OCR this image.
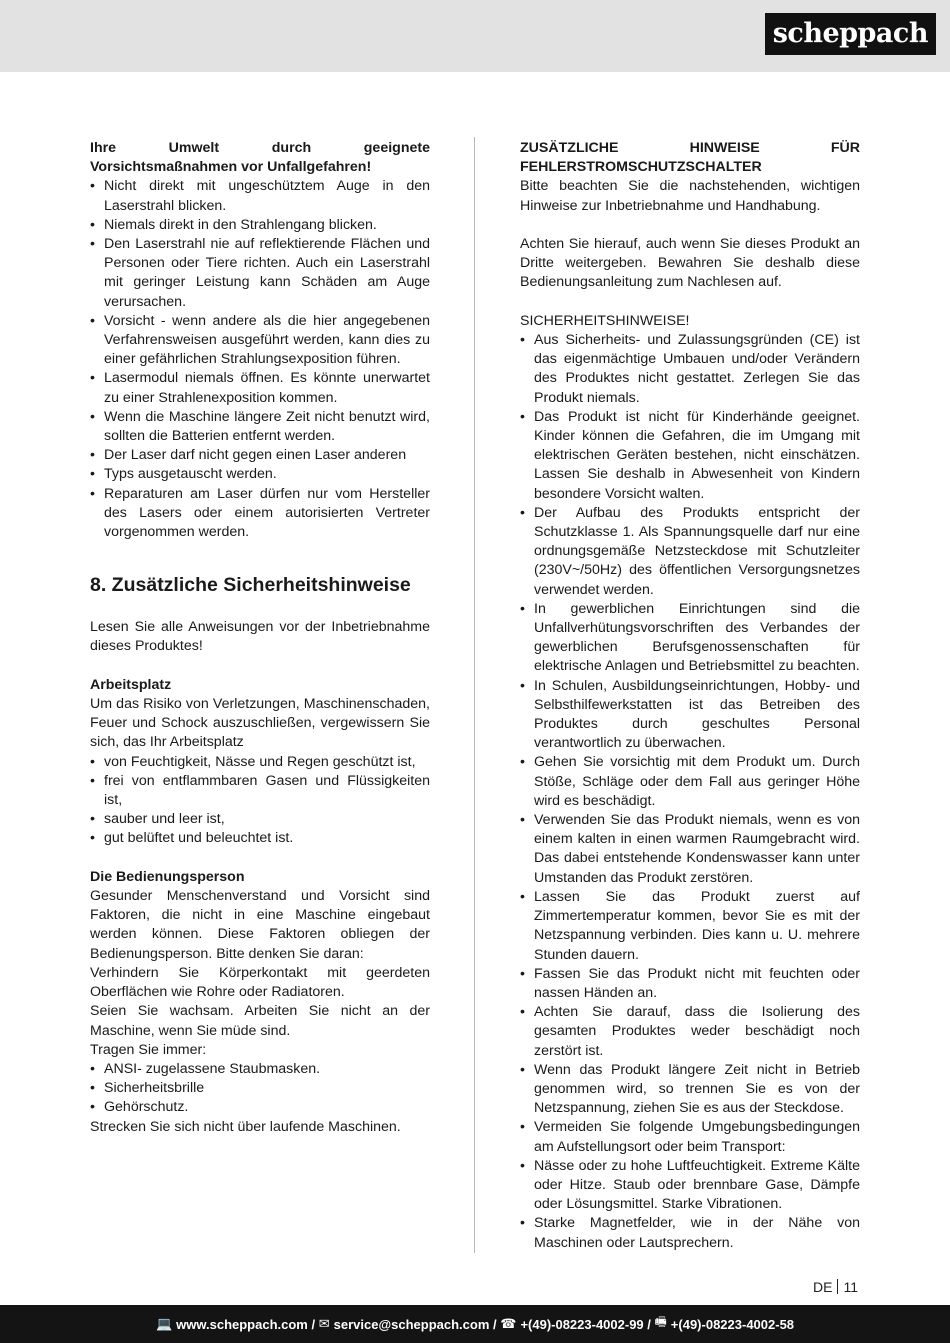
scheppach

Ihre Umwelt durch geeignete Vorsichtsmaßnahmen vor Unfallgefahren!

• Nicht direkt mit ungeschütztem Auge in den Laserstrahl blicken.
• Niemals direkt in den Strahlengang blicken.
• Den Laserstrahl nie auf reflektierende Flächen und Personen oder Tiere richten. Auch ein Laserstrahl mit geringer Leistung kann Schäden am Auge verursachen.
• Vorsicht - wenn andere als die hier angegebenen Verfahrensweisen ausgeführt werden, kann dies zu einer gefährlichen Strahlungsexposition führen.
• Lasermodul niemals öffnen. Es könnte unerwartet zu einer Strahlenexposition kommen.
• Wenn die Maschine längere Zeit nicht benutzt wird, sollten die Batterien entfernt werden.
• Der Laser darf nicht gegen einen Laser anderen
• Typs ausgetauscht werden.
• Reparaturen am Laser dürfen nur vom Hersteller des Lasers oder einem autorisierten Vertreter vorgenommen werden.
8. Zusätzliche Sicherheitshinweise

Lesen Sie alle Anweisungen vor der Inbetriebnahme dieses Produktes!

Arbeitsplatz

Um das Risiko von Verletzungen, Maschinenschaden, Feuer und Schock auszuschließen, vergewissern Sie sich, das Ihr Arbeitsplatz

• von Feuchtigkeit, Nässe und Regen geschützt ist,
• frei von entflammbaren Gasen und Flüssigkeiten ist,
• sauber und leer ist,
• gut belüftet und beleuchtet ist.

Die Bedienungsperson

Gesunder Menschenverstand und Vorsicht sind Faktoren, die nicht in eine Maschine eingebaut werden können. Diese Faktoren obliegen der Bedienungsperson. Bitte denken Sie daran:

Verhindern Sie Körperkontakt mit geerdeten Oberflächen wie Rohre oder Radiatoren.

Seien Sie wachsam. Arbeiten Sie nicht an der Maschine, wenn Sie müde sind.

Tragen Sie immer:

• ANSI- zugelassene Staubmasken.
• Sicherheitsbrille
• Gehörschutz.

Strecken Sie sich nicht über laufende Maschinen.

ZUSÄTZLICHE HINWEISE FÜR FEHLERSTROMSCHUTZSCHALTER

Bitte beachten Sie die nachstehenden, wichtigen Hinweise zur Inbetriebnahme und Handhabung.

Achten Sie hierauf, auch wenn Sie dieses Produkt an Dritte weitergeben. Bewahren Sie deshalb diese Bedienungsanleitung zum Nachlesen auf.

SICHERHEITSHINWEISE!

• Aus Sicherheits- und Zulassungsgründen (CE) ist das eigenmächtige Umbauen und/oder Verändern des Produktes nicht gestattet. Zerlegen Sie das Produkt niemals.
• Das Produkt ist nicht für Kinderhände geeignet. Kinder können die Gefahren, die im Umgang mit elektrischen Geräten bestehen, nicht einschätzen. Lassen Sie deshalb in Abwesenheit von Kindern besondere Vorsicht walten.
• Der Aufbau des Produkts entspricht der Schutzklasse 1. Als Spannungsquelle darf nur eine ordnungsgemäße Netzsteckdose mit Schutzleiter (230V~/50Hz) des öffentlichen Versorgungsnetzes verwendet werden.
• In gewerblichen Einrichtungen sind die Unfallverhütungsvorschriften des Verbandes der gewerblichen Berufsgenossenschaften für elektrische Anlagen und Betriebsmittel zu beachten.
• In Schulen, Ausbildungseinrichtungen, Hobby- und Selbsthilfewerkstatten ist das Betreiben des Produktes durch geschultes Personal verantwortlich zu überwachen.
• Gehen Sie vorsichtig mit dem Produkt um. Durch Stöße, Schläge oder dem Fall aus geringer Höhe wird es beschädigt.
• Verwenden Sie das Produkt niemals, wenn es von einem kalten in einen warmen Raumgebracht wird. Das dabei entstehende Kondenswasser kann unter Umstanden das Produkt zerstören.
• Lassen Sie das Produkt zuerst auf Zimmertemperatur kommen, bevor Sie es mit der Netzspannung verbinden. Dies kann u. U. mehrere Stunden dauern.
• Fassen Sie das Produkt nicht mit feuchten oder nassen Händen an.
• Achten Sie darauf, dass die Isolierung des gesamten Produktes weder beschädigt noch zerstört ist.
• Wenn das Produkt längere Zeit nicht in Betrieb genommen wird, so trennen Sie es von der Netzspannung, ziehen Sie es aus der Steckdose.
• Vermeiden Sie folgende Umgebungsbedingungen am Aufstellungsort oder beim Transport:
• Nässe oder zu hohe Luftfeuchtigkeit. Extreme Kälte oder Hitze. Staub oder brennbare Gase, Dämpfe oder Lösungsmittel. Starke Vibrationen.
• Starke Magnetfelder, wie in der Nähe von Maschinen oder Lautsprechern.
DE 11
💻 www.scheppach.com /
✉ service@scheppach.com /
☎ +(49)-08223-4002-99 /
🖷 +(49)-08223-4002-58
